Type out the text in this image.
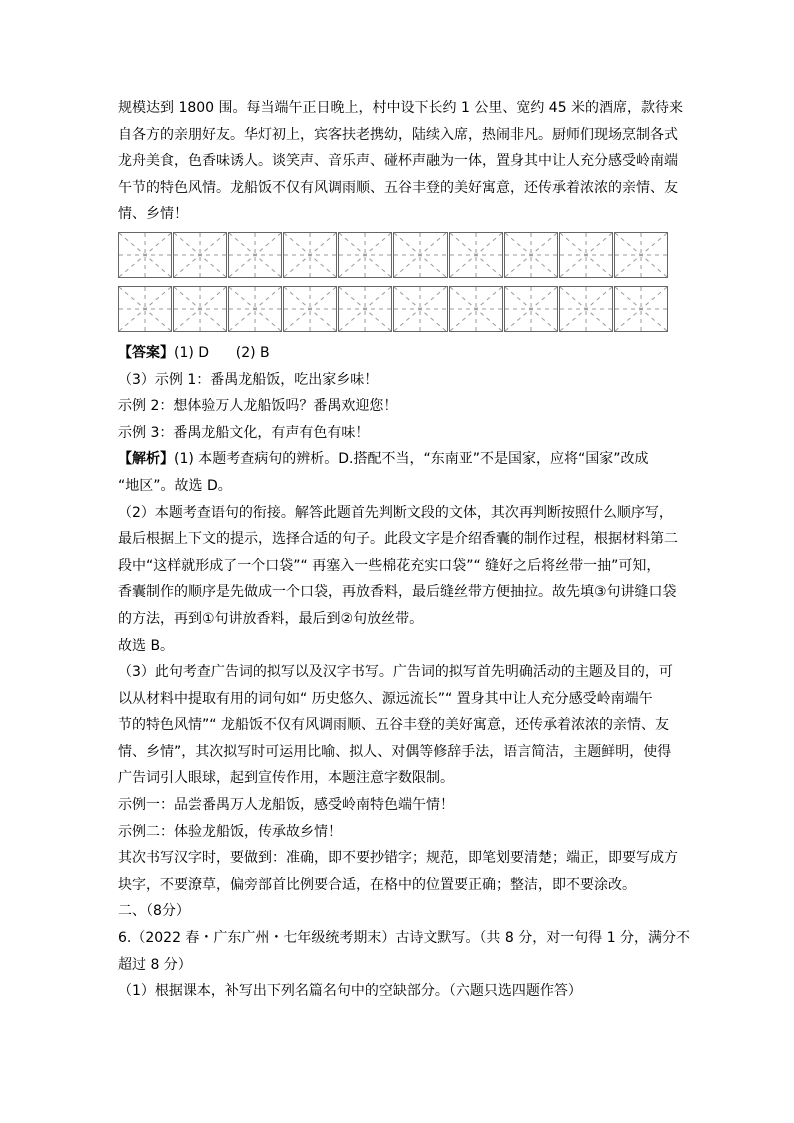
规模达到 1800 围。每当端午正日晚上，村中设下长约 1 公里、宽约 45 米的酒席，款待来
自各方的亲朋好友。华灯初上，宾客扶老携幼，陆续入席，热闹非凡。厨师们现场烹制各式
龙舟美食，色香味诱人。谈笑声、音乐声、碰杯声融为一体，置身其中让人充分感受岭南端
午节的特色风情。龙船饭不仅有风调雨顺、五谷丰登的美好寓意，还传承着浓浓的亲情、友
情、乡情！
【答案】(1) D      (2) B
（3）示例 1：番禺龙船饭，吃出家乡味！
示例 2：想体验万人龙船饭吗？番禺欢迎您！
示例 3：番禺龙船文化，有声有色有味！
【解析】(1) 本题考查病句的辨析。D.搭配不当，“东南亚”不是国家，应将“国家”改成
“地区”。故选 D。
（2）本题考查语句的衔接。解答此题首先判断文段的文体，其次再判断按照什么顺序写，
最后根据上下文的提示，选择合适的句子。此段文字是介绍香囊的制作过程，根据材料第二
段中“这样就形成了一个口袋”“ 再塞入一些棉花充实口袋”“ 缝好之后将丝带一抽”可知，
香囊制作的顺序是先做成一个口袋，再放香料，最后缝丝带方便抽拉。故先填③句讲缝口袋
的方法，再到①句讲放香料，最后到②句放丝带。
故选 B。
（3）此句考查广告词的拟写以及汉字书写。广告词的拟写首先明确活动的主题及目的，可
以从材料中提取有用的词句如“ 历史悠久、源远流长”“ 置身其中让人充分感受岭南端午
节的特色风情”“ 龙船饭不仅有风调雨顺、五谷丰登的美好寓意，还传承着浓浓的亲情、友
情、乡情”，其次拟写时可运用比喻、拟人、对偶等修辞手法，语言简洁，主题鲜明，使得
广告词引人眼球，起到宣传作用，本题注意字数限制。
示例一：品尝番禺万人龙船饭，感受岭南特色端午情！
示例二：体验龙船饭，传承故乡情！
其次书写汉字时，要做到：准确，即不要抄错字；规范，即笔划要清楚；端正，即要写成方
块字，不要潦草，偏旁部首比例要合适，在格中的位置要正确；整洁，即不要涂改。
二、（8分）
6.（2022 春・广东广州・七年级统考期末）古诗文默写。（共 8 分，对一句得 1 分，满分不
超过 8 分）
（1）根据课本，补写出下列名篇名句中的空缺部分。（六题只选四题作答）
